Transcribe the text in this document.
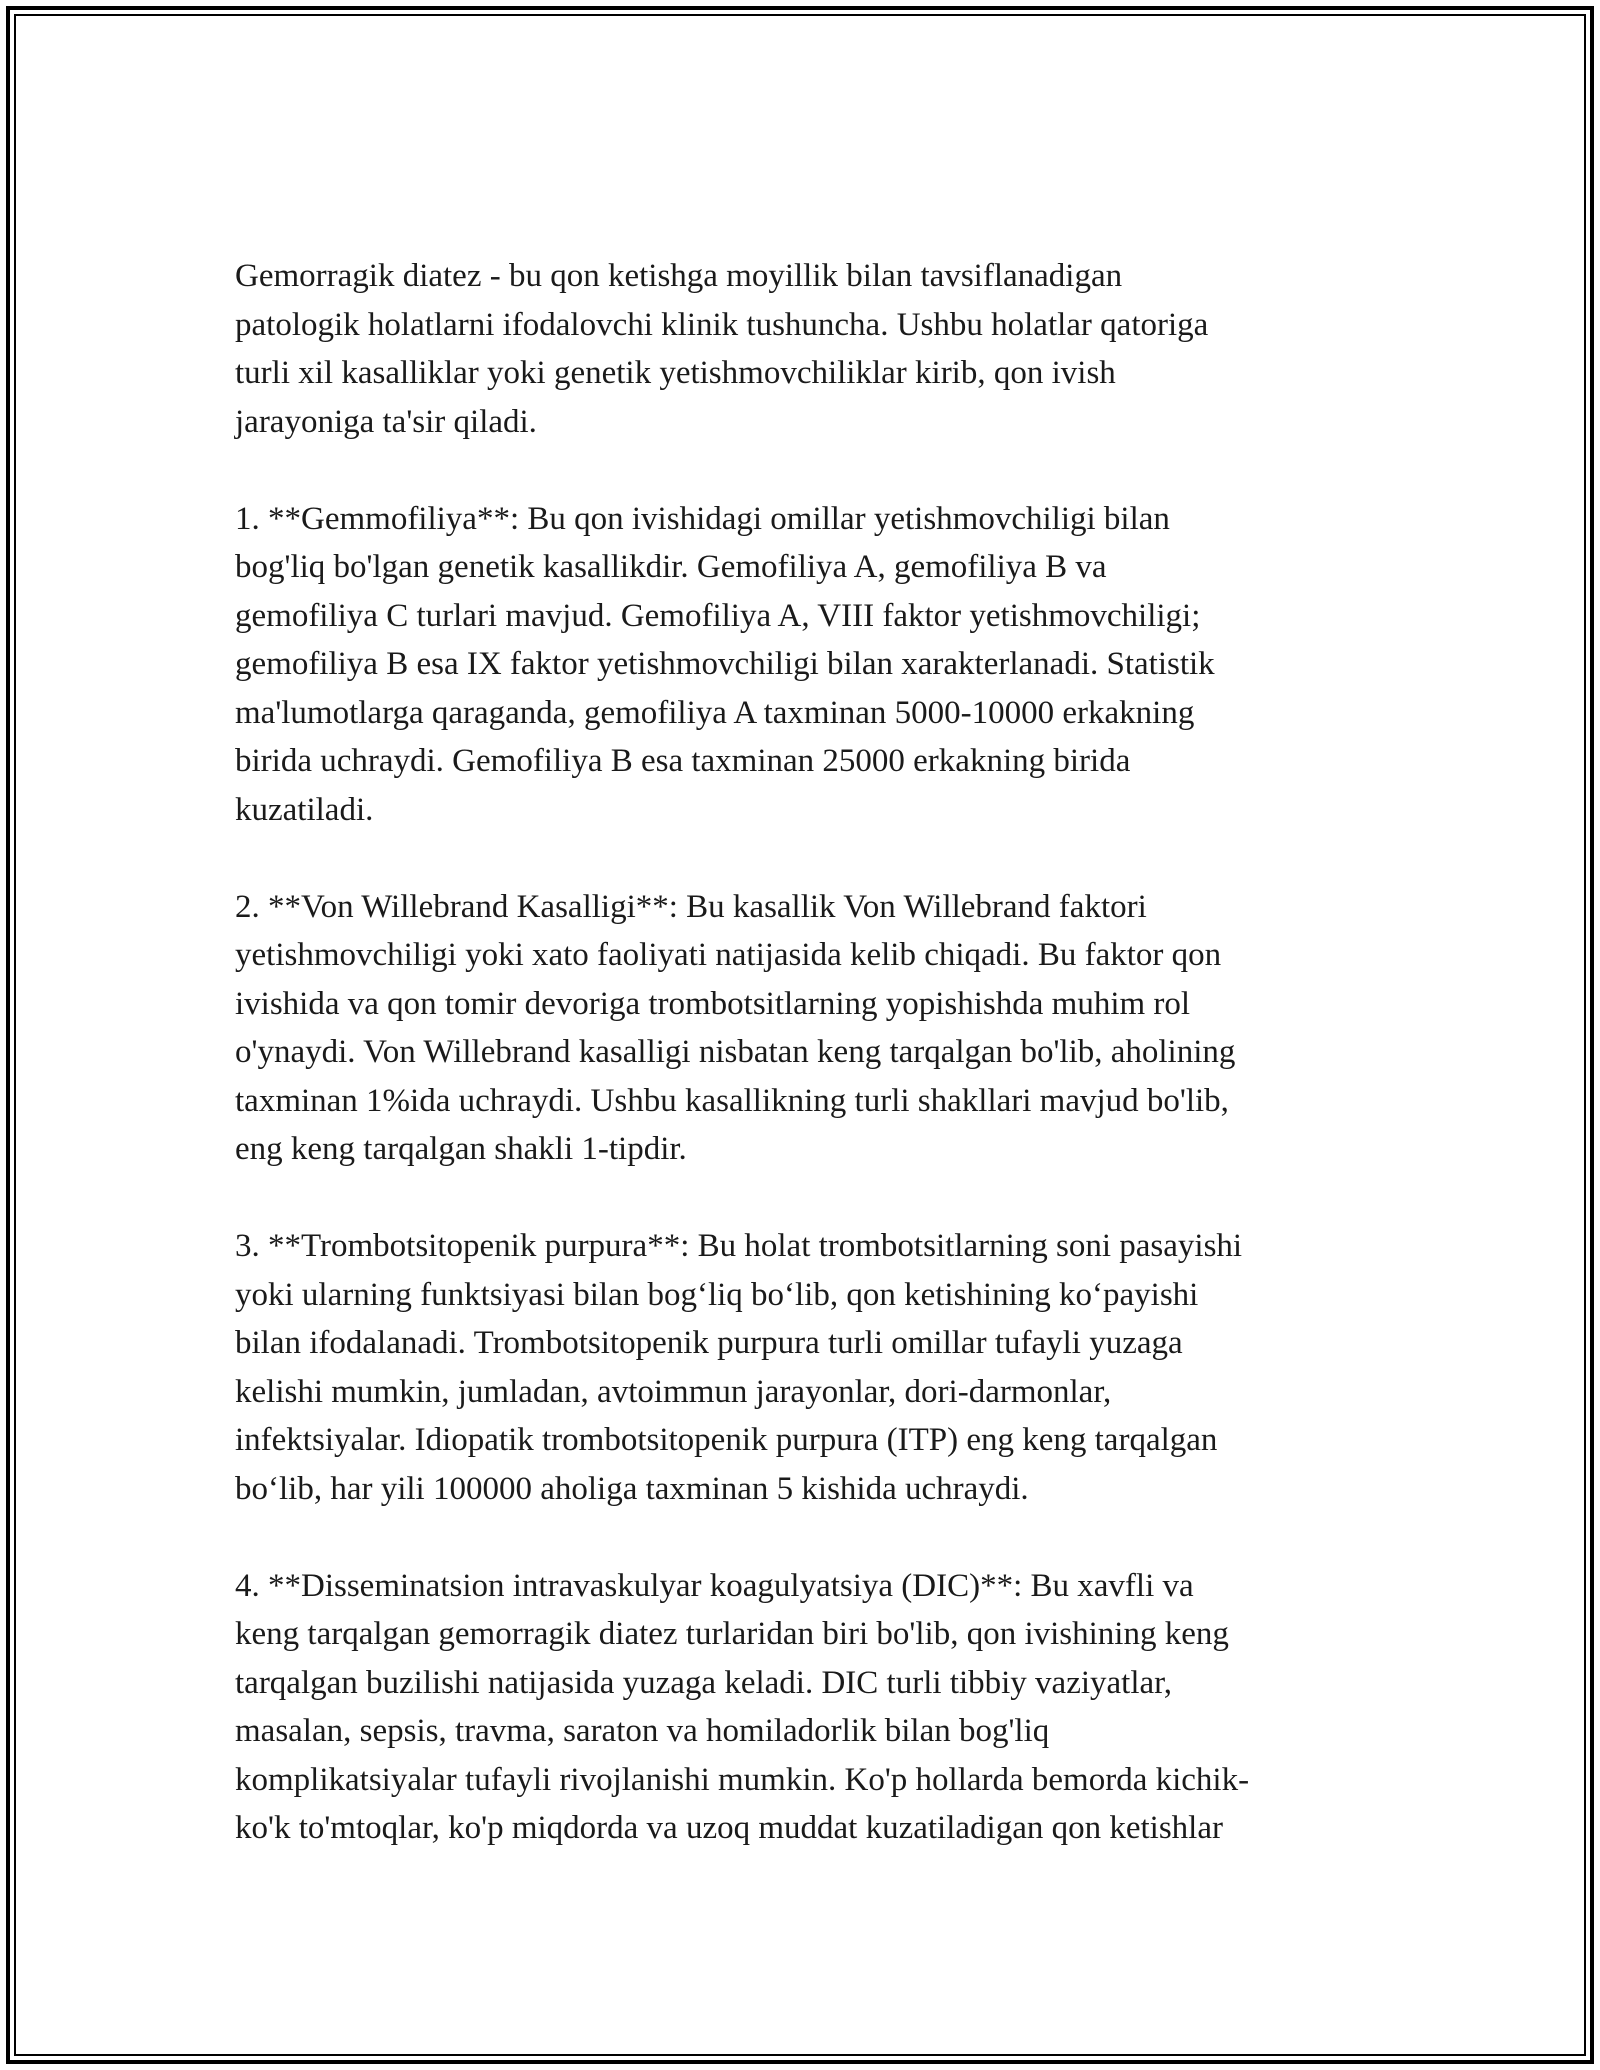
Gemorragik diatez - bu qon ketishga moyillik bilan tavsiflanadigan
patologik holatlarni ifodalovchi klinik tushuncha. Ushbu holatlar qatoriga
turli xil kasalliklar yoki genetik yetishmovchiliklar kirib, qon ivish
jarayoniga ta'sir qiladi.

1. **Gemmofiliya**: Bu qon ivishidagi omillar yetishmovchiligi bilan
bog'liq bo'lgan genetik kasallikdir. Gemofiliya A, gemofiliya B va
gemofiliya C turlari mavjud. Gemofiliya A, VIII faktor yetishmovchiligi;
gemofiliya B esa IX faktor yetishmovchiligi bilan xarakterlanadi. Statistik
ma'lumotlarga qaraganda, gemofiliya A taxminan 5000-10000 erkakning
birida uchraydi. Gemofiliya B esa taxminan 25000 erkakning birida
kuzatiladi.

2. **Von Willebrand Kasalligi**: Bu kasallik Von Willebrand faktori
yetishmovchiligi yoki xato faoliyati natijasida kelib chiqadi. Bu faktor qon
ivishida va qon tomir devoriga trombotsitlarning yopishishda muhim rol
o'ynaydi. Von Willebrand kasalligi nisbatan keng tarqalgan bo'lib, aholining
taxminan 1%ida uchraydi. Ushbu kasallikning turli shakllari mavjud bo'lib,
eng keng tarqalgan shakli 1-tipdir.

3. **Trombotsitopenik purpura**: Bu holat trombotsitlarning soni pasayishi
yoki ularning funktsiyasi bilan bog‘liq bo‘lib, qon ketishining ko‘payishi
bilan ifodalanadi. Trombotsitopenik purpura turli omillar tufayli yuzaga
kelishi mumkin, jumladan, avtoimmun jarayonlar, dori-darmonlar,
infektsiyalar. Idiopatik trombotsitopenik purpura (ITP) eng keng tarqalgan
bo‘lib, har yili 100000 aholiga taxminan 5 kishida uchraydi.

4. **Disseminatsion intravaskulyar koagulyatsiya (DIC)**: Bu xavfli va
keng tarqalgan gemorragik diatez turlaridan biri bo'lib, qon ivishining keng
tarqalgan buzilishi natijasida yuzaga keladi. DIC turli tibbiy vaziyatlar,
masalan, sepsis, travma, saraton va homiladorlik bilan bog'liq
komplikatsiyalar tufayli rivojlanishi mumkin. Ko'p hollarda bemorda kichik-
ko'k to'mtoqlar, ko'p miqdorda va uzoq muddat kuzatiladigan qon ketishlar
